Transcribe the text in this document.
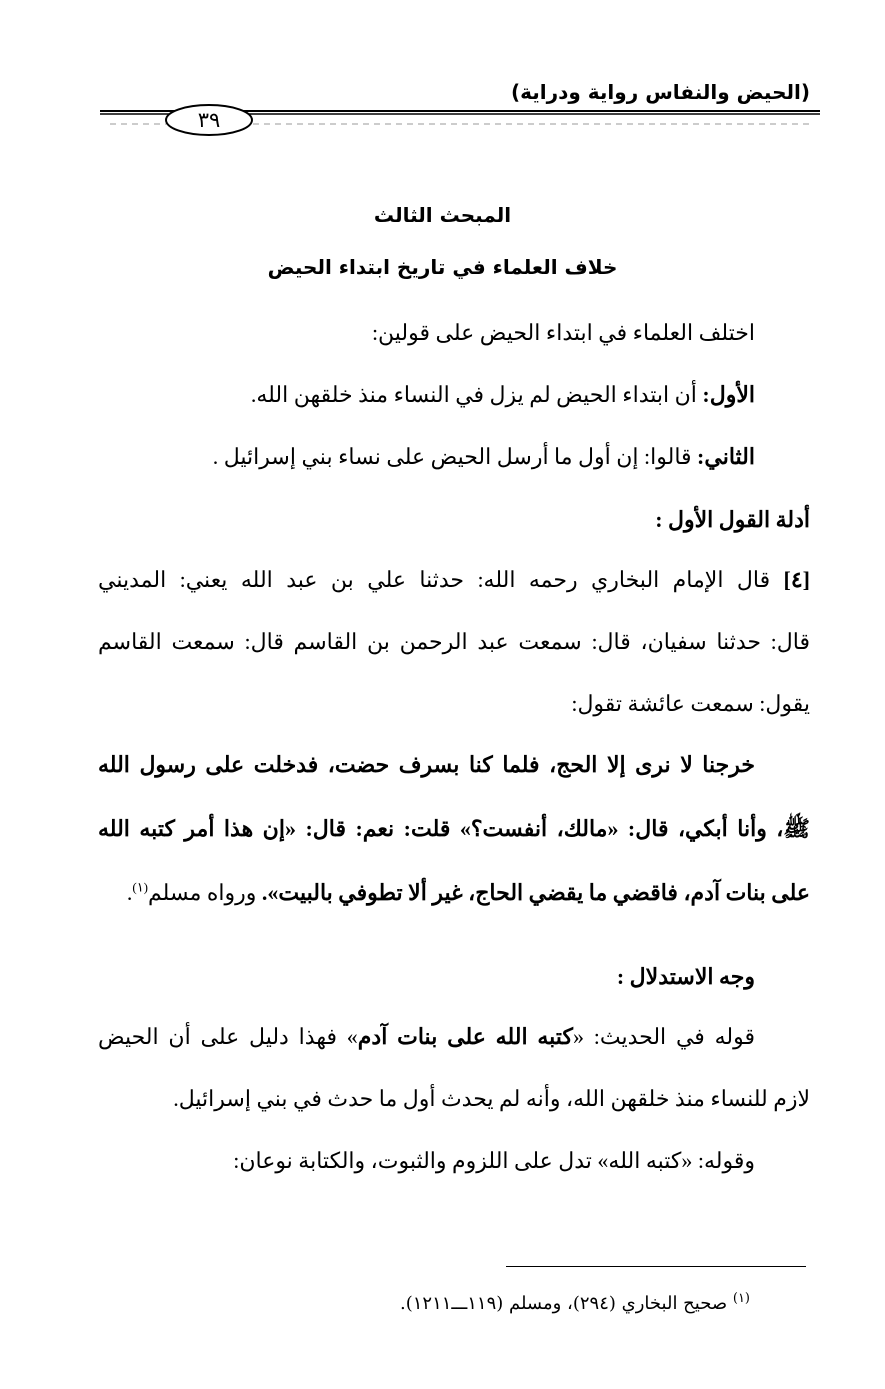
(الحيض والنفاس رواية ودراية)
٣٩
المبحث الثالث
خلاف العلماء في تاريخ ابتداء الحيض

اختلف العلماء في ابتداء الحيض على قولين:

الأول: أن ابتداء الحيض لم يزل في النساء منذ خلقهن الله.

الثاني: قالوا: إن أول ما أرسل الحيض على نساء بني إسرائيل .

أدلة القول الأول :

[٤] قال الإمام البخاري رحمه الله: حدثنا علي بن عبد الله يعني: المديني

قال: حدثنا سفيان، قال: سمعت عبد الرحمن بن القاسم قال: سمعت القاسم

يقول: سمعت عائشة تقول:

خرجنا لا نرى إلا الحج، فلما كنا بسرف حضت، فدخلت على رسول الله

ﷺ، وأنا أبكي، قال: «مالك، أنفست؟» قلت: نعم: قال: «إن هذا أمر كتبه الله

على بنات آدم، فاقضي ما يقضي الحاج، غير ألا تطوفي بالبيت». ورواه مسلم$^{(١)}$.

وجه الاستدلال :

قوله في الحديث: «كتبه الله على بنات آدم» فهذا دليل على أن الحيض

لازم للنساء منذ خلقهن الله، وأنه لم يحدث أول ما حدث في بني إسرائيل.

وقوله: «كتبه الله» تدل على اللزوم والثبوت، والكتابة نوعان:

$^{(١)}$ صحيح البخاري (٢٩٤)، ومسلم (١١٩ـــ١٢١١).
